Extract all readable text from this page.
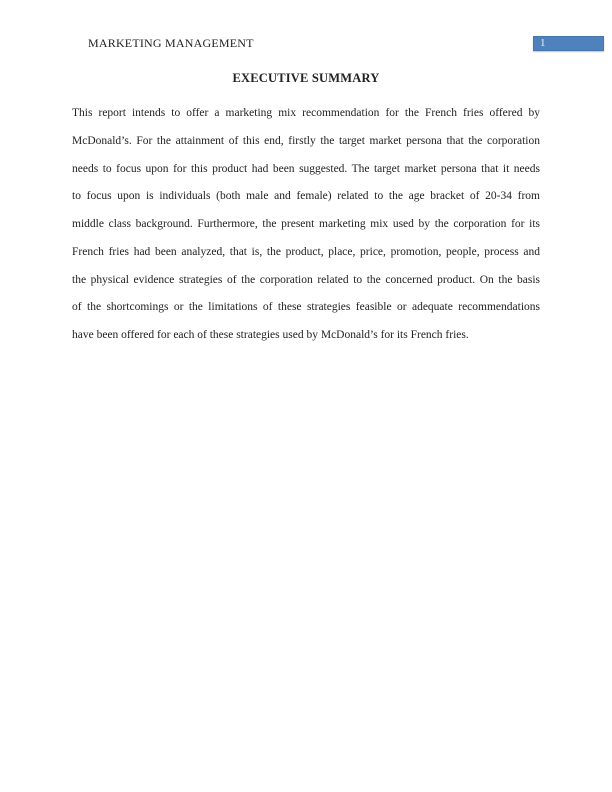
MARKETING MANAGEMENT	1
EXECUTIVE SUMMARY
This report intends to offer a marketing mix recommendation for the French fries offered by
McDonald’s. For the attainment of this end, firstly the target market persona that the corporation
needs to focus upon for this product had been suggested. The target market persona that it needs
to focus upon is individuals (both male and female) related to the age bracket of 20-34 from
middle class background. Furthermore, the present marketing mix used by the corporation for its
French fries had been analyzed, that is, the product, place, price, promotion, people, process and
the physical evidence strategies of the corporation related to the concerned product. On the basis
of the shortcomings or the limitations of these strategies feasible or adequate recommendations
have been offered for each of these strategies used by McDonald’s for its French fries.
